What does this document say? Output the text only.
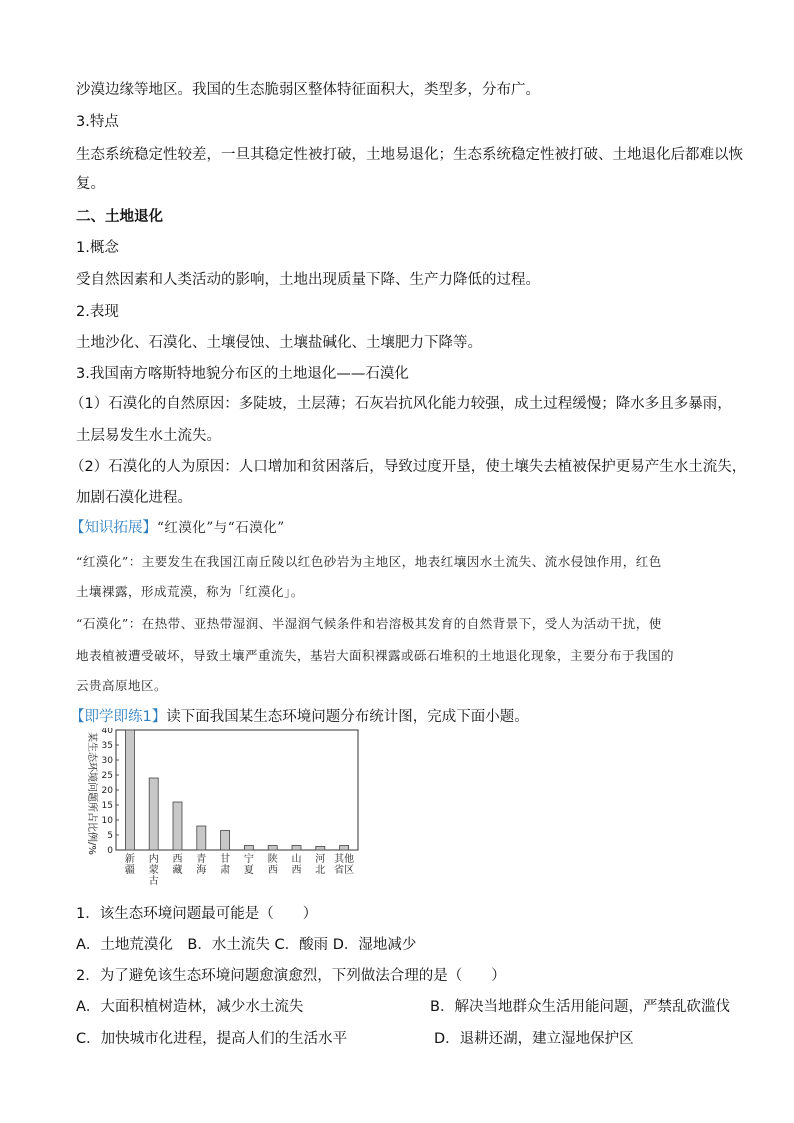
沙漠边缘等地区。我国的生态脆弱区整体特征面积大，类型多，分布广。
3.特点
生态系统稳定性较差，一旦其稳定性被打破，土地易退化；生态系统稳定性被打破、土地退化后都难以恢
复。
二、土地退化
1.概念
受自然因素和人类活动的影响，土地出现质量下降、生产力降低的过程。
2.表现
土地沙化、石漠化、土壤侵蚀、土壤盐碱化、土壤肥力下降等。
3.我国南方喀斯特地貌分布区的土地退化——石漠化
（1）石漠化的自然原因：多陡坡，土层薄；石灰岩抗风化能力较强，成土过程缓慢；降水多且多暴雨，
土层易发生水土流失。
（2）石漠化的人为原因：人口增加和贫困落后，导致过度开垦，使土壤失去植被保护更易产生水土流失，
加剧石漠化进程。
【知识拓展】“红漠化”与“石漠化”
“红漠化”：主要发生在我国江南丘陵以红色砂岩为主地区，地表红壤因水土流失、流水侵蚀作用，红色
土壤裸露，形成荒漠，称为「红漠化」。
“石漠化”：在热带、亚热带湿润、半湿润气候条件和岩溶极其发育的自然背景下，受人为活动干扰，使
地表植被遭受破坏，导致土壤严重流失，基岩大面积裸露或砾石堆积的土地退化现象，主要分布于我国的
云贵高原地区。
【即学即练1】读下面我国某生态环境问题分布统计图，完成下面小题。
某生态环境问题所占比例/% 0
5
10
15
20
25
30
35
40
新疆
内蒙古
西藏
青海
甘肃
宁夏
陕西
山西
河北
其他省区
1．该生态环境问题最可能是（　　）
A．土地荒漠化　B．水土流失 C．酸雨 D．湿地减少
2．为了避免该生态环境问题愈演愈烈，下列做法合理的是（　　）
A．大面积植树造林，减少水土流失	B．解决当地群众生活用能问题，严禁乱砍滥伐
C．加快城市化进程，提高人们的生活水平	D．退耕还湖，建立湿地保护区
